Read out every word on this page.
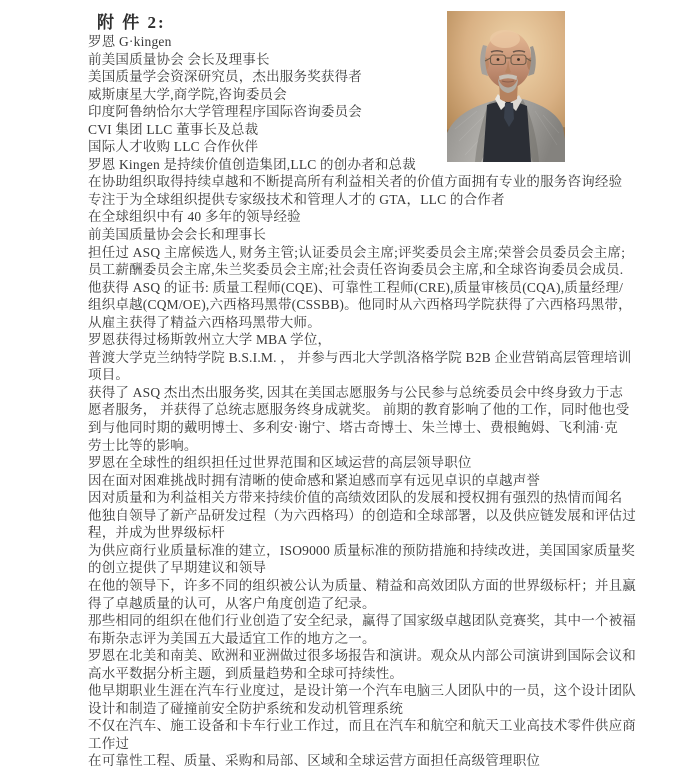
附 件 2:
罗恩 G·kingen
前美国质量协会 会长及理事长
美国质量学会资深研究员，杰出服务奖获得者
威斯康星大学,商学院,咨询委员会
印度阿鲁纳恰尔大学管理程序国际咨询委员会
CVI 集团 LLC 董事长及总裁
国际人才收购 LLC 合作伙伴
罗恩 Kingen 是持续价值创造集团,LLC 的创办者和总裁
在协助组织取得持续卓越和不断提高所有利益相关者的价值方面拥有专业的服务咨询经验
专注于为全球组织提供专家级技术和管理人才的 GTA，LLC 的合作者
在全球组织中有 40 多年的领导经验
前美国质量协会会长和理事长
担任过 ASQ 主席候选人, 财务主管;认证委员会主席;评奖委员会主席;荣誉会员委员会主席;
员工薪酬委员会主席,朱兰奖委员会主席;社会责任咨询委员会主席,和全球咨询委员会成员.
他获得 ASQ 的证书: 质量工程师(CQE)、可靠性工程师(CRE),质量审核员(CQA),质量经理/
组织卓越(CQM/OE),六西格玛黑带(CSSBB)。他同时从六西格玛学院获得了六西格玛黑带，
从雇主获得了精益六西格玛黑带大师。
罗恩获得过杨斯敦州立大学 MBA 学位，
普渡大学克兰纳特学院 B.S.I.M. ， 并参与西北大学凯洛格学院 B2B 企业营销高层管理培训
项目。
获得了 ASQ 杰出杰出服务奖, 因其在美国志愿服务与公民参与总统委员会中终身致力于志
愿者服务， 并获得了总统志愿服务终身成就奖。 前期的教育影响了他的工作，同时他也受
到与他同时期的戴明博士、多利安·谢宁、塔古奇博士、朱兰博士、费根鲍姆、飞利浦·克
劳士比等的影响。
罗恩在全球性的组织担任过世界范围和区域运营的高层领导职位
因在面对困难挑战时拥有清晰的使命感和紧迫感而享有远见卓识的卓越声誉
因对质量和为利益相关方带来持续价值的高绩效团队的发展和授权拥有强烈的热情而闻名
他独自领导了新产品研发过程（为六西格玛）的创造和全球部署，以及供应链发展和评估过
程，并成为世界级标杆
为供应商行业质量标准的建立，ISO9000 质量标准的预防措施和持续改进，美国国家质量奖
的创立提供了早期建议和领导
在他的领导下，许多不同的组织被公认为质量、精益和高效团队方面的世界级标杆；并且赢
得了卓越质量的认可，从客户角度创造了纪录。
那些相同的组织在他们行业创造了安全纪录，赢得了国家级卓越团队竞赛奖，其中一个被福
布斯杂志评为美国五大最适宜工作的地方之一。
罗恩在北美和南美、欧洲和亚洲做过很多场报告和演讲。观众从内部公司演讲到国际会议和
高水平数据分析主题，到质量趋势和全球可持续性。
他早期职业生涯在汽车行业度过，是设计第一个汽车电脑三人团队中的一员，这个设计团队
设计和制造了碰撞前安全防护系统和发动机管理系统
不仅在汽车、施工设备和卡车行业工作过，而且在汽车和航空和航天工业高技术零件供应商
工作过
在可靠性工程、质量、采购和局部、区域和全球运营方面担任高级管理职位
